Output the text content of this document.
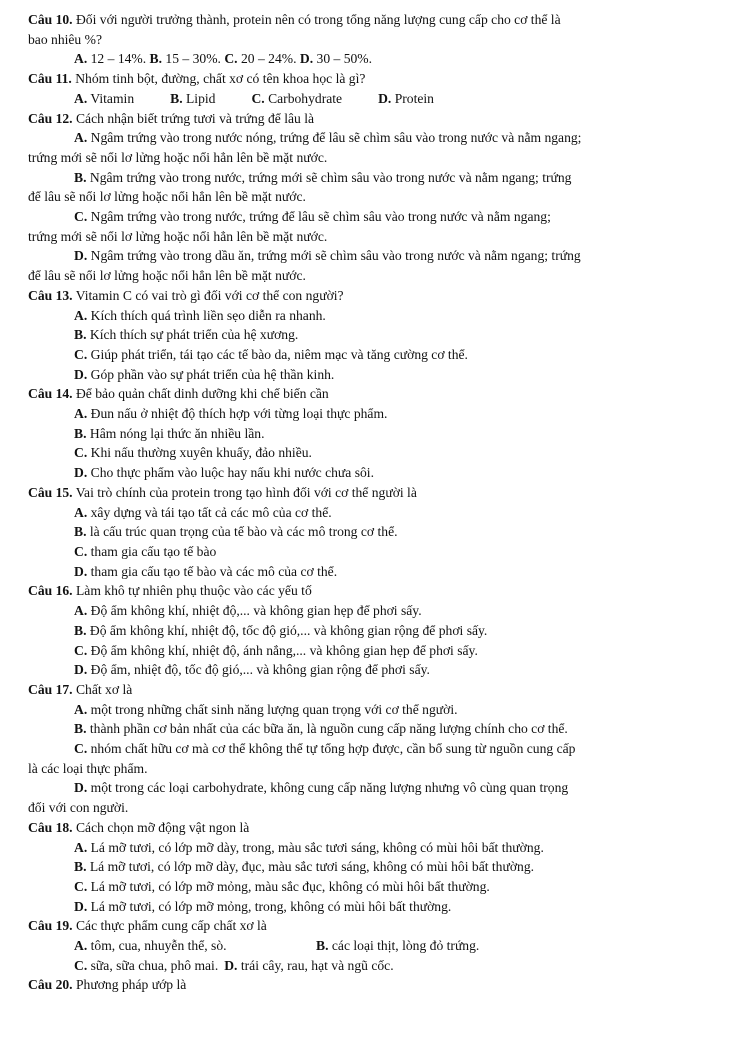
Câu 10. Đối với người trưởng thành, protein nên có trong tổng năng lượng cung cấp cho cơ thể là
bao nhiêu %?
A. 12 – 14%. B. 15 – 30%. C. 20 – 24%. D. 30 – 50%.
Câu 11. Nhóm tinh bột, đường, chất xơ có tên khoa học là gì?
A. Vitamin	B. Lipid	C. Carbohydrate	D. Protein
Câu 12. Cách nhận biết trứng tươi và trứng để lâu là
A. Ngâm trứng vào trong nước nóng, trứng để lâu sẽ chìm sâu vào trong nước và nằm ngang;
trứng mới sẽ nổi lơ lửng hoặc nổi hẳn lên bề mặt nước.
B. Ngâm trứng vào trong nước, trứng mới sẽ chìm sâu vào trong nước và nằm ngang; trứng
để lâu sẽ nổi lơ lửng hoặc nổi hẳn lên bề mặt nước.
C. Ngâm trứng vào trong nước, trứng để lâu sẽ chìm sâu vào trong nước và nằm ngang;
trứng mới sẽ nổi lơ lửng hoặc nổi hẳn lên bề mặt nước.
D. Ngâm trứng vào trong dầu ăn, trứng mới sẽ chìm sâu vào trong nước và nằm ngang; trứng
để lâu sẽ nổi lơ lửng hoặc nổi hẳn lên bề mặt nước.
Câu 13. Vitamin C có vai trò gì đối với cơ thể con người?
A. Kích thích quá trình liền sẹo diễn ra nhanh.
B. Kích thích sự phát triển của hệ xương.
C. Giúp phát triển, tái tạo các tế bào da, niêm mạc và tăng cường cơ thể.
D. Góp phần vào sự phát triển của hệ thần kinh.
Câu 14. Để bảo quản chất dinh dưỡng khi chế biến cần
A. Đun nấu ở nhiệt độ thích hợp với từng loại thực phẩm.
B. Hâm nóng lại thức ăn nhiều lần.
C. Khi nấu thường xuyên khuấy, đảo nhiều.
D. Cho thực phẩm vào luộc hay nấu khi nước chưa sôi.
Câu 15. Vai trò chính của protein trong tạo hình đối với cơ thể người là
A. xây dựng và tái tạo tất cả các mô của cơ thể.
B. là cấu trúc quan trọng của tế bào và các mô trong cơ thể.
C. tham gia cấu tạo tế bào
D. tham gia cấu tạo tế bào và các mô của cơ thể.
Câu 16. Làm khô tự nhiên phụ thuộc vào các yếu tố
A. Độ ẩm không khí, nhiệt độ,... và không gian hẹp để phơi sấy.
B. Độ ẩm không khí, nhiệt độ, tốc độ gió,... và không gian rộng để phơi sấy.
C. Độ ẩm không khí, nhiệt độ, ánh nắng,... và không gian hẹp để phơi sấy.
D. Độ ẩm, nhiệt độ, tốc độ gió,... và không gian rộng để phơi sấy.
Câu 17. Chất xơ là
A. một trong những chất sinh năng lượng quan trọng với cơ thể người.
B. thành phần cơ bản nhất của các bữa ăn, là nguồn cung cấp năng lượng chính cho cơ thể.
C. nhóm chất hữu cơ mà cơ thể không thể tự tổng hợp được, cần bổ sung từ nguồn cung cấp
là các loại thực phẩm.
D. một trong các loại carbohydrate, không cung cấp năng lượng nhưng vô cùng quan trọng
đối với con người.
Câu 18. Cách chọn mỡ động vật ngon là
A. Lá mỡ tươi, có lớp mỡ dày, trong, màu sắc tươi sáng, không có mùi hôi bất thường.
B. Lá mỡ tươi, có lớp mỡ dày, đục, màu sắc tươi sáng, không có mùi hôi bất thường.
C. Lá mỡ tươi, có lớp mỡ mỏng, màu sắc đục, không có mùi hôi bất thường.
D. Lá mỡ tươi, có lớp mỡ mỏng, trong, không có mùi hôi bất thường.
Câu 19. Các thực phẩm cung cấp chất xơ là
A. tôm, cua, nhuyễn thể, sò.	B. các loại thịt, lòng đỏ trứng.
C. sữa, sữa chua, phô mai. D. trái cây, rau, hạt và ngũ cốc.
Câu 20. Phương pháp ướp là
